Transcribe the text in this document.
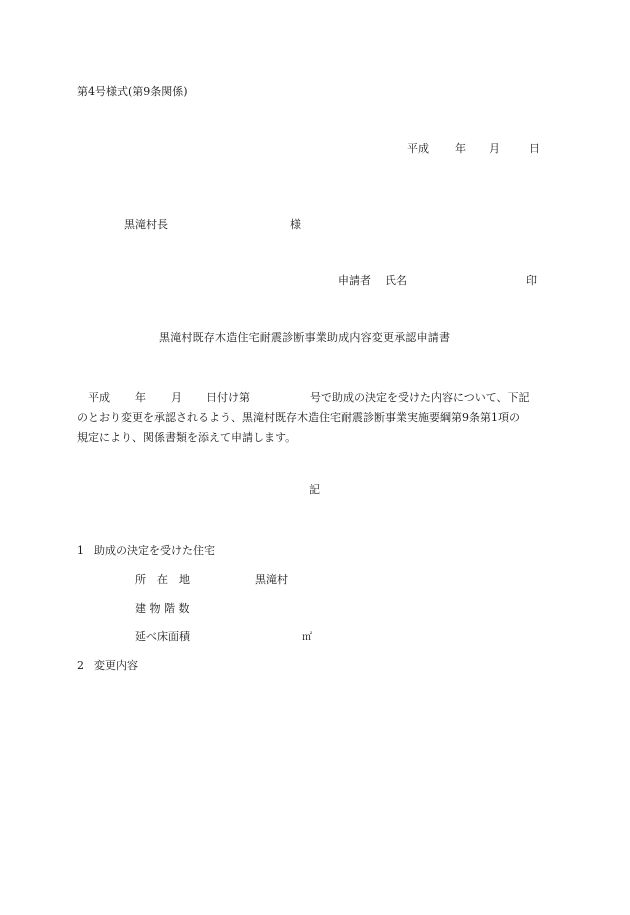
第4号様式(第9条関係)
平成 年 月	日
黒滝村長	様
申請者 氏名	印
黒滝村既存木造住宅耐震診断事業助成内容変更承認申請書
平成 年 月 日付け第	号で助成の決定を受けた内容について、下記
のとおり変更を承認されるよう、黒滝村既存木造住宅耐震診断事業実施要綱第9条第1項の
規定により、関係書類を添えて申請します。
記
1 助成の決定を受けた住宅
所　在　地	黒滝村
建 物 階 数
延べ床面積	㎡
2 変更内容
